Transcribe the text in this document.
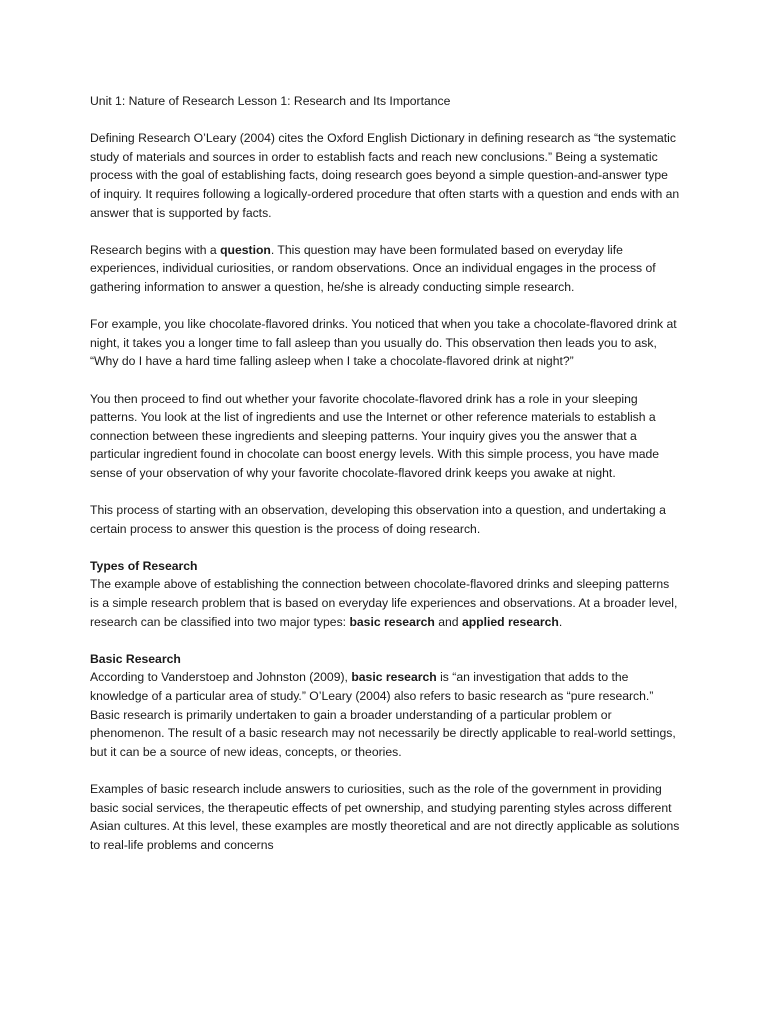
Unit 1: Nature of Research Lesson 1: Research and Its Importance

Defining Research O’Leary (2004) cites the Oxford English Dictionary in defining research as “the systematic study of materials and sources in order to establish facts and reach new conclusions.” Being a systematic process with the goal of establishing facts, doing research goes beyond a simple question-and-answer type of inquiry. It requires following a logically-ordered procedure that often starts with a question and ends with an answer that is supported by facts.

Research begins with a question. This question may have been formulated based on everyday life experiences, individual curiosities, or random observations. Once an individual engages in the process of gathering information to answer a question, he/she is already conducting simple research.

For example, you like chocolate-flavored drinks. You noticed that when you take a chocolate-flavored drink at night, it takes you a longer time to fall asleep than you usually do. This observation then leads you to ask, “Why do I have a hard time falling asleep when I take a chocolate-flavored drink at night?”

You then proceed to find out whether your favorite chocolate-flavored drink has a role in your sleeping patterns. You look at the list of ingredients and use the Internet or other reference materials to establish a connection between these ingredients and sleeping patterns. Your inquiry gives you the answer that a particular ingredient found in chocolate can boost energy levels. With this simple process, you have made sense of your observation of why your favorite chocolate-flavored drink keeps you awake at night.

This process of starting with an observation, developing this observation into a question, and undertaking a certain process to answer this question is the process of doing research.

Types of Research
The example above of establishing the connection between chocolate-flavored drinks and sleeping patterns is a simple research problem that is based on everyday life experiences and observations. At a broader level, research can be classified into two major types: basic research and applied research.

Basic Research
According to Vanderstoep and Johnston (2009), basic research is “an investigation that adds to the knowledge of a particular area of study.” O’Leary (2004) also refers to basic research as “pure research.” Basic research is primarily undertaken to gain a broader understanding of a particular problem or phenomenon. The result of a basic research may not necessarily be directly applicable to real-world settings, but it can be a source of new ideas, concepts, or theories.

Examples of basic research include answers to curiosities, such as the role of the government in providing basic social services, the therapeutic effects of pet ownership, and studying parenting styles across different Asian cultures. At this level, these examples are mostly theoretical and are not directly applicable as solutions to real-life problems and concerns
